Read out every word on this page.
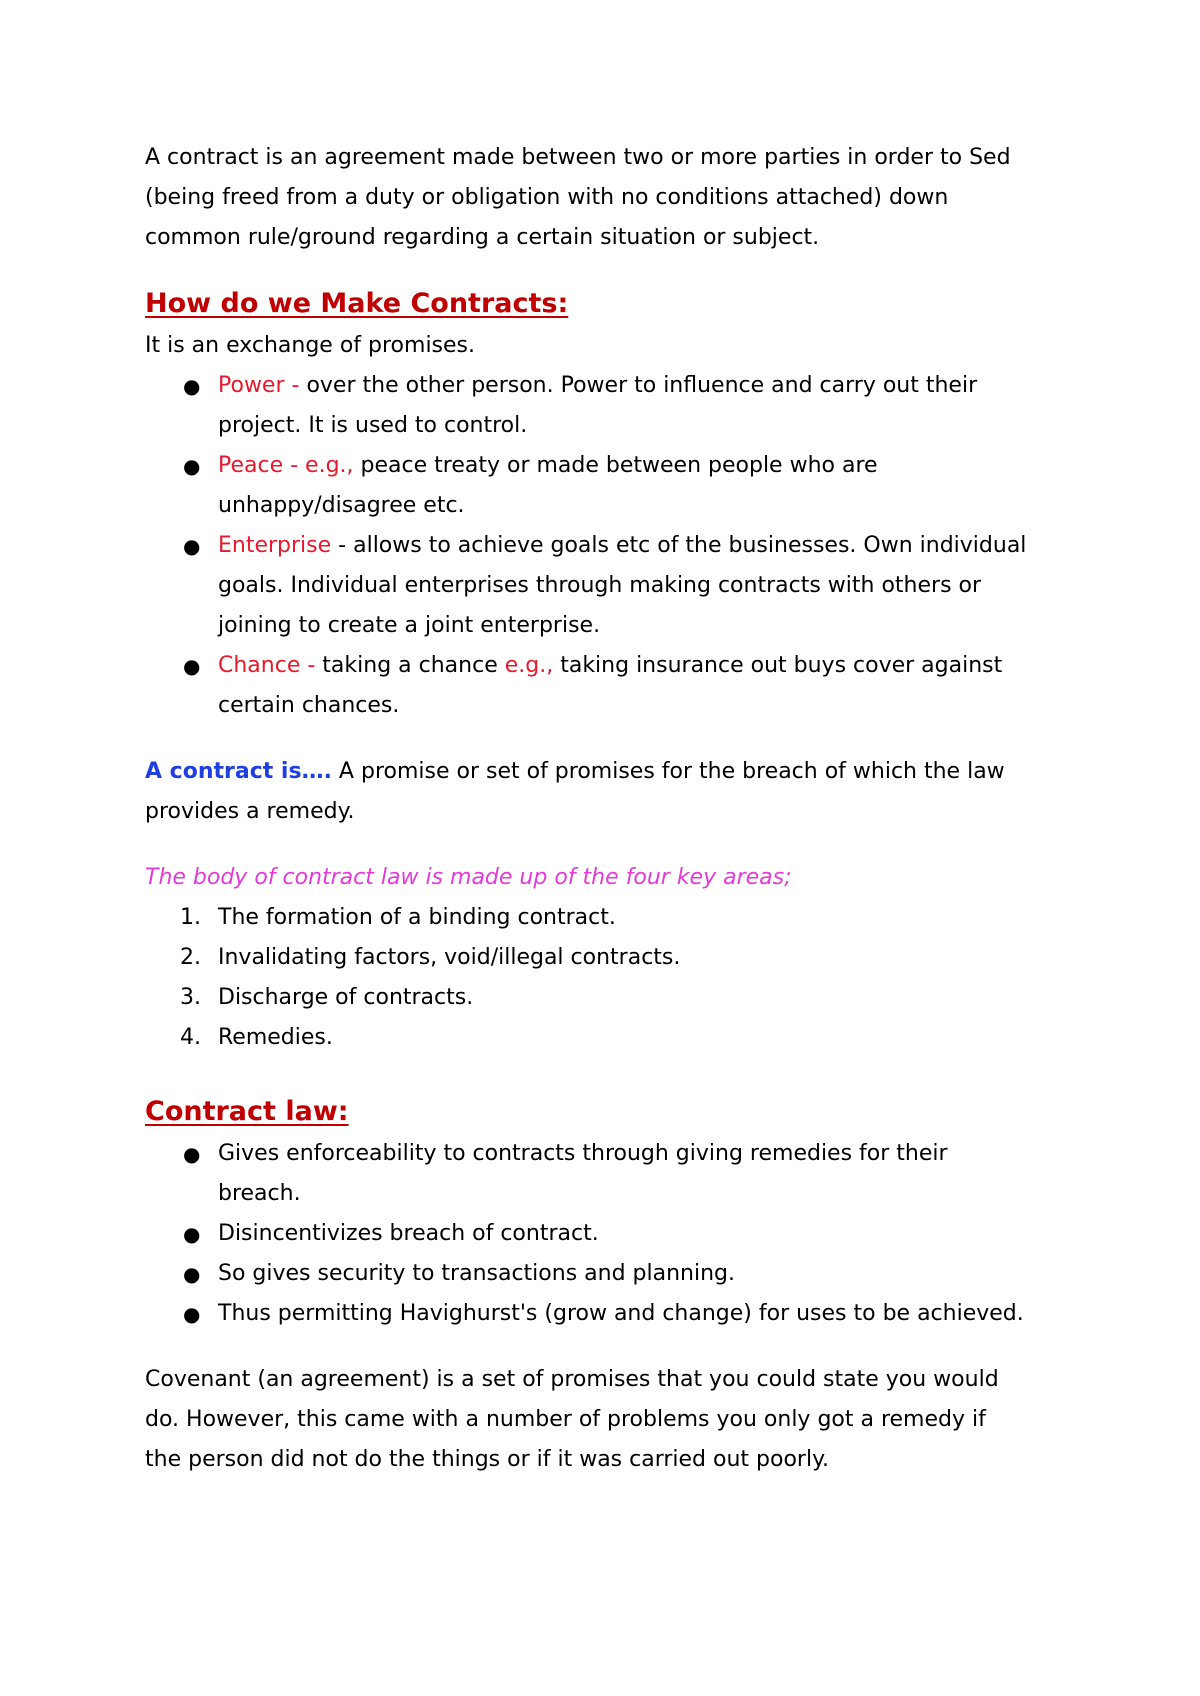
A contract is an agreement made between two or more parties in order to Sed
(being freed from a duty or obligation with no conditions attached) down
common rule/ground regarding a certain situation or subject.

How do we Make Contracts:

It is an exchange of promises.

● Power - over the other person. Power to influence and carry out their
project. It is used to control.
● Peace - e.g., peace treaty or made between people who are
unhappy/disagree etc.
● Enterprise - allows to achieve goals etc of the businesses. Own individual
goals. Individual enterprises through making contracts with others or
joining to create a joint enterprise.
● Chance - taking a chance e.g., taking insurance out buys cover against
certain chances.

A contract is…. A promise or set of promises for the breach of which the law
provides a remedy.

The body of contract law is made up of the four key areas;

1. The formation of a binding contract.
2. Invalidating factors, void/illegal contracts.
3. Discharge of contracts.
4. Remedies.

Contract law:

● Gives enforceability to contracts through giving remedies for their
breach.
● Disincentivizes breach of contract.
● So gives security to transactions and planning.
● Thus permitting Havighurst's (grow and change) for uses to be achieved.

Covenant (an agreement) is a set of promises that you could state you would
do. However, this came with a number of problems you only got a remedy if
the person did not do the things or if it was carried out poorly.
